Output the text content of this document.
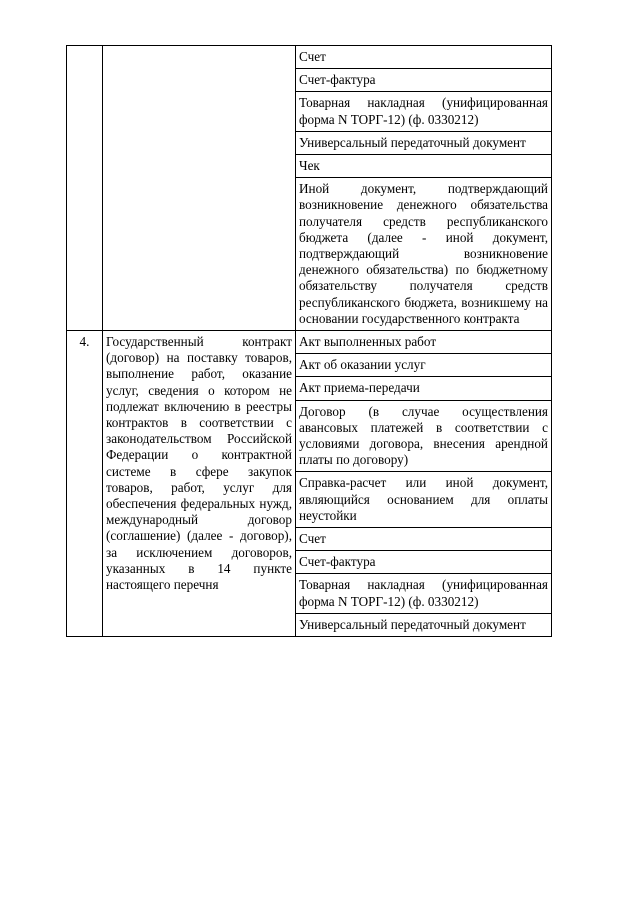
		Счет
		Счет-фактура
		Товарная накладная (унифицированная форма N ТОРГ-12) (ф. 0330212)
		Универсальный передаточный документ
		Чек
		Иной документ, подтверждающий возникновение денежного обязательства получателя средств республиканского бюджета (далее - иной документ, подтверждающий возникновение денежного обязательства) по бюджетному обязательству получателя средств республиканского бюджета, возникшему на основании государственного контракта
4.	Государственный контракт (договор) на поставку товаров, выполнение работ, оказание услуг, сведения о котором не подлежат включению в реестры контрактов в соответствии с законодательством Российской Федерации о контрактной системе в сфере закупок товаров, работ, услуг для обеспечения федеральных нужд, международный договор (соглашение) (далее - договор), за исключением договоров, указанных в 14 пункте настоящего перечня	Акт выполненных работ
		Акт об оказании услуг
		Акт приема-передачи
		Договор (в случае осуществления авансовых платежей в соответствии с условиями договора, внесения арендной платы по договору)
		Справка-расчет или иной документ, являющийся основанием для оплаты неустойки
		Счет
		Счет-фактура
		Товарная накладная (унифицированная форма N ТОРГ-12) (ф. 0330212)
		Универсальный передаточный документ
